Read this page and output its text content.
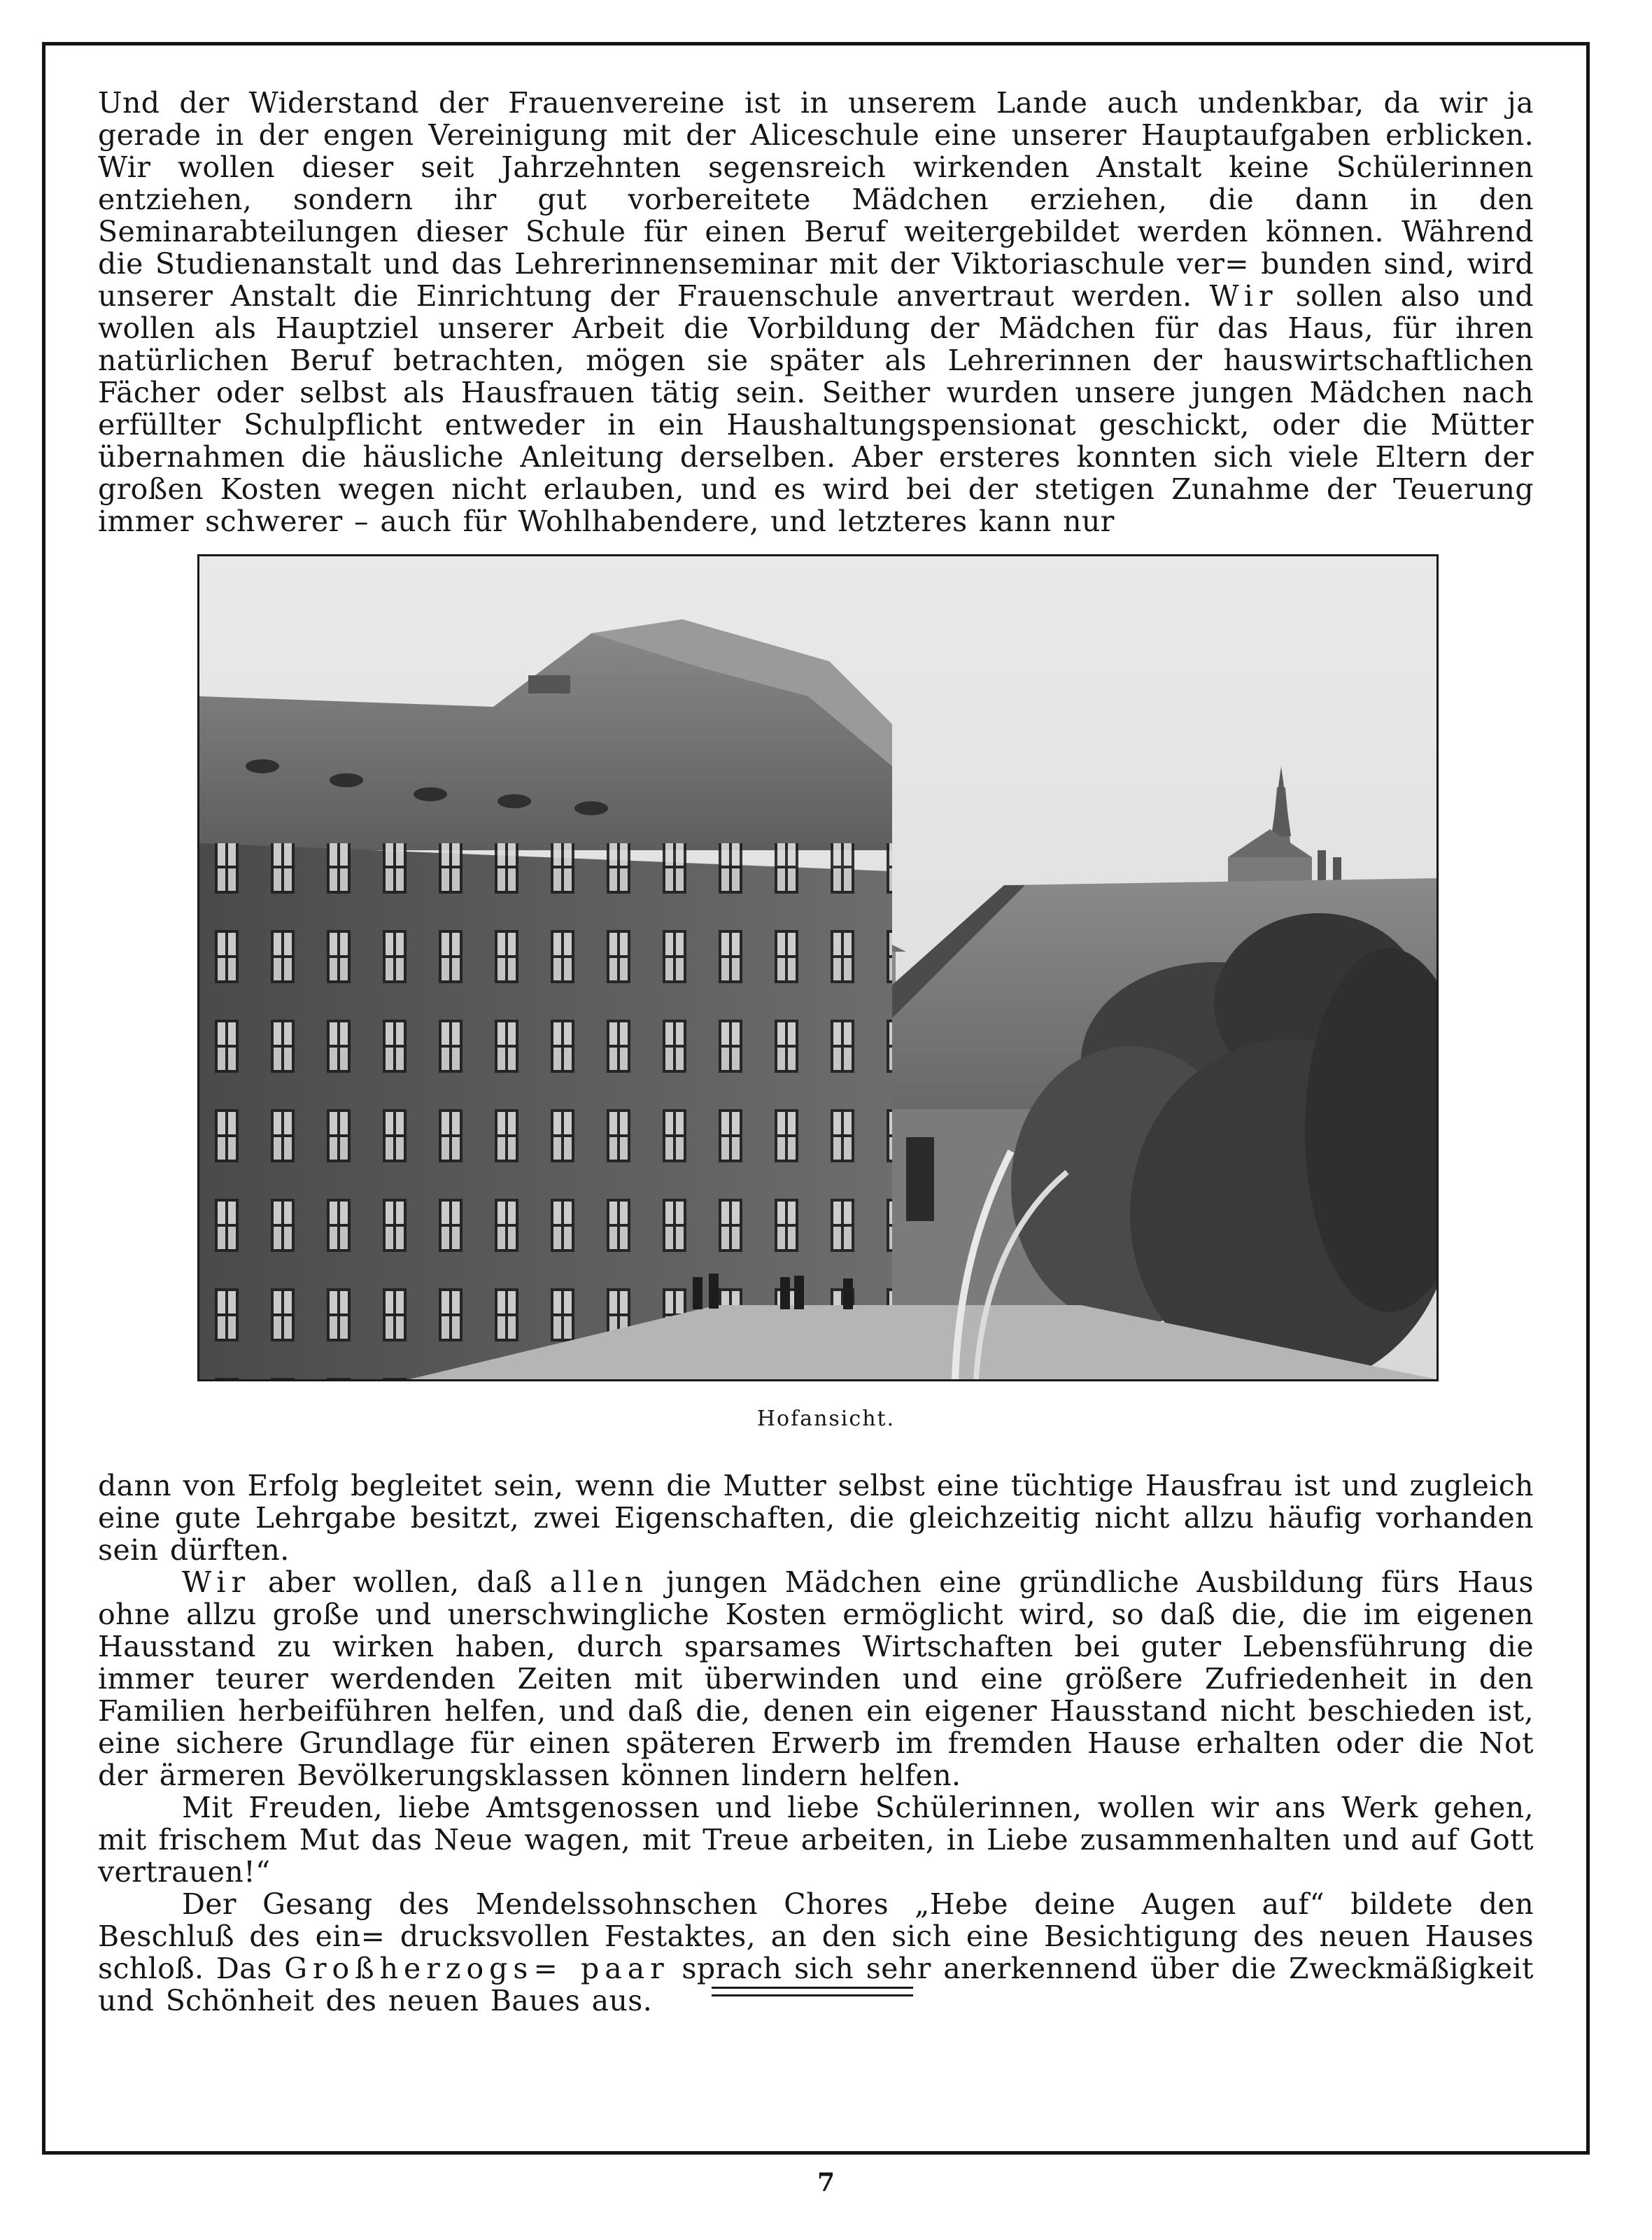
Und der Widerstand der Frauenvereine ist in unserem Lande auch undenkbar, da wir ja gerade in der engen Vereinigung mit der Aliceschule eine unserer Hauptaufgaben erblicken. Wir wollen dieser seit Jahrzehnten segensreich wirkenden Anstalt keine Schülerinnen entziehen, sondern ihr gut vorbereitete Mädchen erziehen, die dann in den Seminarabteilungen dieser Schule für einen Beruf weitergebildet werden können. Während die Studienanstalt und das Lehrerinnenseminar mit der Viktoriaschule ver= bunden sind, wird unserer Anstalt die Einrichtung der Frauenschule anvertraut werden. Wir sollen also und wollen als Hauptziel unserer Arbeit die Vorbildung der Mädchen für das Haus, für ihren natürlichen Beruf betrachten, mögen sie später als Lehrerinnen der hauswirtschaftlichen Fächer oder selbst als Hausfrauen tätig sein. Seither wurden unsere jungen Mädchen nach erfüllter Schulpflicht entweder in ein Haushaltungspensionat geschickt, oder die Mütter übernahmen die häusliche Anleitung derselben. Aber ersteres konnten sich viele Eltern der großen Kosten wegen nicht erlauben, und es wird bei der stetigen Zunahme der Teuerung immer schwerer – auch für Wohlhabendere, und letzteres kann nur

Hofansicht.

dann von Erfolg begleitet sein, wenn die Mutter selbst eine tüchtige Hausfrau ist und zugleich eine gute Lehrgabe besitzt, zwei Eigenschaften, die gleichzeitig nicht allzu häufig vorhanden sein dürften.

Wir aber wollen, daß allen jungen Mädchen eine gründliche Ausbildung fürs Haus ohne allzu große und unerschwingliche Kosten ermöglicht wird, so daß die, die im eigenen Hausstand zu wirken haben, durch sparsames Wirtschaften bei guter Lebensführung die immer teurer werdenden Zeiten mit überwinden und eine größere Zufriedenheit in den Familien herbeiführen helfen, und daß die, denen ein eigener Hausstand nicht beschieden ist, eine sichere Grundlage für einen späteren Erwerb im fremden Hause erhalten oder die Not der ärmeren Bevölkerungsklassen können lindern helfen.

Mit Freuden, liebe Amtsgenossen und liebe Schülerinnen, wollen wir ans Werk gehen, mit frischem Mut das Neue wagen, mit Treue arbeiten, in Liebe zusammenhalten und auf Gott vertrauen!“

Der Gesang des Mendelssohnschen Chores „Hebe deine Augen auf“ bildete den Beschluß des ein= drucksvollen Festaktes, an den sich eine Besichtigung des neuen Hauses schloß. Das Großherzogs= paar sprach sich sehr anerkennend über die Zweckmäßigkeit und Schönheit des neuen Baues aus.

7
